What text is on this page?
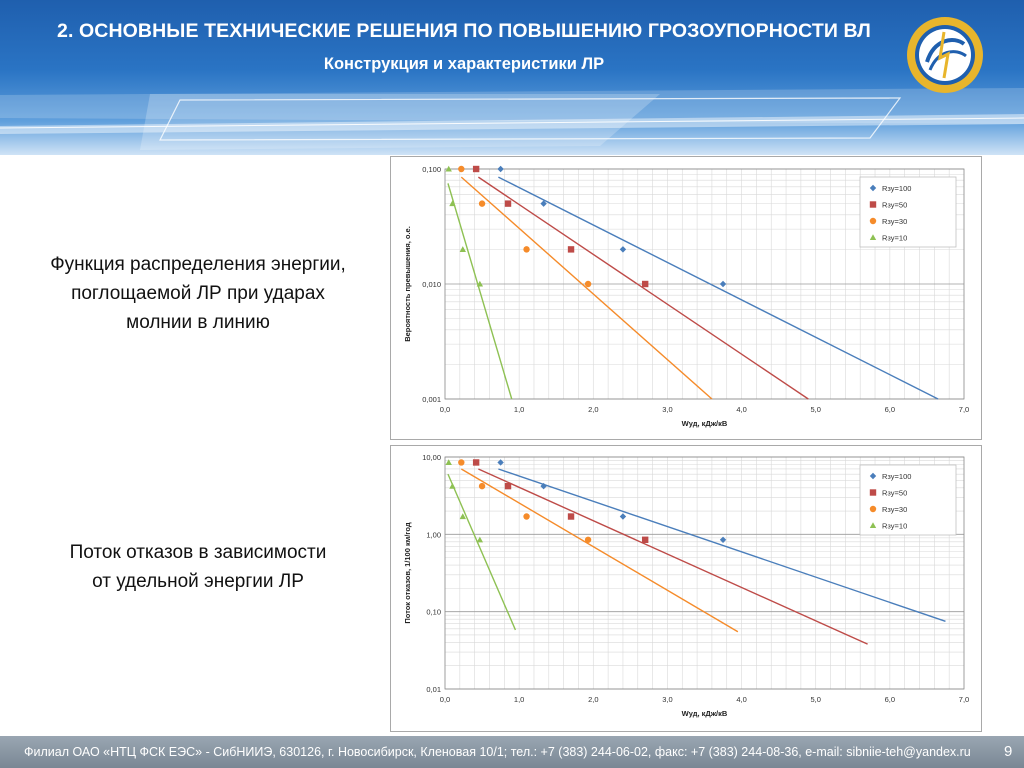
2. ОСНОВНЫЕ ТЕХНИЧЕСКИЕ РЕШЕНИЯ ПО ПОВЫШЕНИЮ ГРОЗОУПОРНОСТИ ВЛ
Конструкция и характеристики ЛР
Функция распределения энергии,
поглощаемой ЛР при ударах
молнии в линию
Поток отказов в зависимости
от удельной энергии ЛР
0,0	1,0	2,0	3,0	4,0	5,0	6,0	7,0
0,100
0,010
0,001
Wуд, кДж/кВ
Вероятность превышения, о.е.
Rзу=100
Rзу=50
Rзу=30
Rзу=10
0,0	1,0	2,0	3,0	4,0	5,0	6,0	7,0
10,00
1,00
0,10
0,01
Wуд, кДж/кВ
Поток отказов, 1/100 км/год
Rзу=100
Rзу=50
Rзу=30
Rзу=10
Филиал ОАО «НТЦ ФСК ЕЭС» - СибНИИЭ, 630126, г. Новосибирск, Кленовая 10/1; тел.: +7 (383) 244-06-02, факс: +7 (383) 244-08-36, e-mail: sibniie-teh@yandex.ru 9
